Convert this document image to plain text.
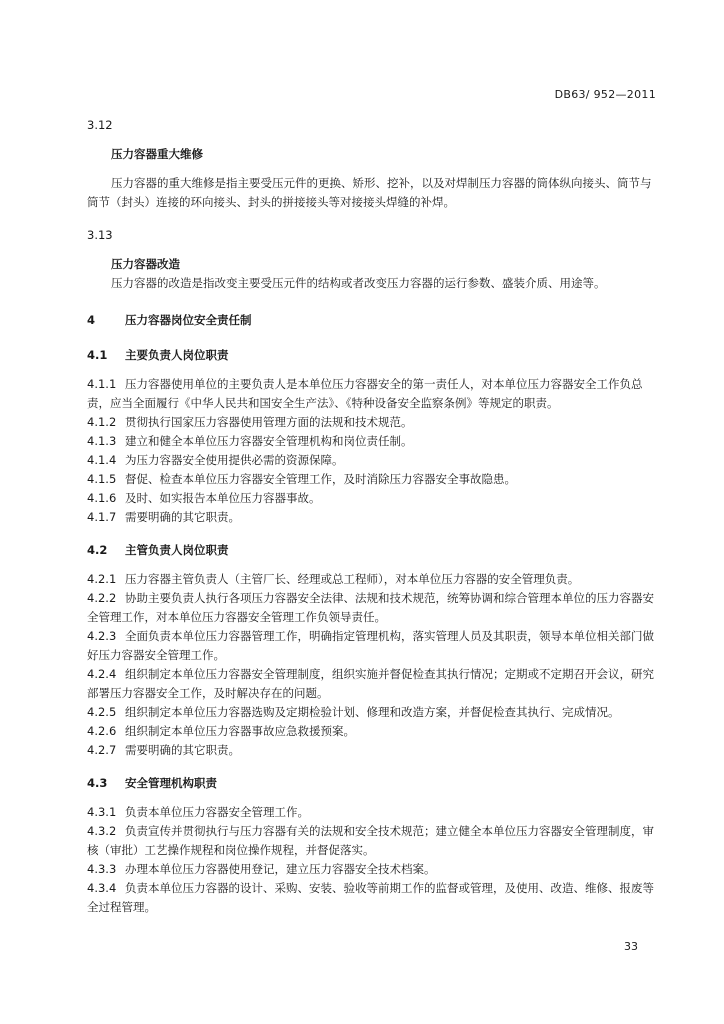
DB63/ 952—2011

3.12

压力容器重大维修

压力容器的重大维修是指主要受压元件的更换、矫形、挖补，以及对焊制压力容器的筒体纵向接头、筒节与筒节（封头）连接的环向接头、封头的拼接接头等对接接头焊缝的补焊。

3.13

压力容器改造

压力容器的改造是指改变主要受压元件的结构或者改变压力容器的运行参数、盛装介质、用途等。

4	压力容器岗位安全责任制

4.1 主要负责人岗位职责

4.1.1 压力容器使用单位的主要负责人是本单位压力容器安全的第一责任人，对本单位压力容器安全工作负总责，应当全面履行《中华人民共和国安全生产法》、《特种设备安全监察条例》等规定的职责。

4.1.2 贯彻执行国家压力容器使用管理方面的法规和技术规范。

4.1.3 建立和健全本单位压力容器安全管理机构和岗位责任制。

4.1.4 为压力容器安全使用提供必需的资源保障。

4.1.5 督促、检查本单位压力容器安全管理工作，及时消除压力容器安全事故隐患。

4.1.6 及时、如实报告本单位压力容器事故。

4.1.7 需要明确的其它职责。

4.2 主管负责人岗位职责

4.2.1 压力容器主管负责人（主管厂长、经理或总工程师），对本单位压力容器的安全管理负责。

4.2.2 协助主要负责人执行各项压力容器安全法律、法规和技术规范，统筹协调和综合管理本单位的压力容器安全管理工作，对本单位压力容器安全管理工作负领导责任。

4.2.3 全面负责本单位压力容器管理工作，明确指定管理机构，落实管理人员及其职责，领导本单位相关部门做好压力容器安全管理工作。

4.2.4 组织制定本单位压力容器安全管理制度，组织实施并督促检查其执行情况；定期或不定期召开会议，研究部署压力容器安全工作，及时解决存在的问题。

4.2.5 组织制定本单位压力容器选购及定期检验计划、修理和改造方案，并督促检查其执行、完成情况。

4.2.6 组织制定本单位压力容器事故应急救援预案。

4.2.7 需要明确的其它职责。

4.3 安全管理机构职责

4.3.1 负责本单位压力容器安全管理工作。

4.3.2 负责宣传并贯彻执行与压力容器有关的法规和安全技术规范；建立健全本单位压力容器安全管理制度，审核（审批）工艺操作规程和岗位操作规程，并督促落实。

4.3.3 办理本单位压力容器使用登记，建立压力容器安全技术档案。

4.3.4 负责本单位压力容器的设计、采购、安装、验收等前期工作的监督或管理，及使用、改造、维修、报废等全过程管理。

33
